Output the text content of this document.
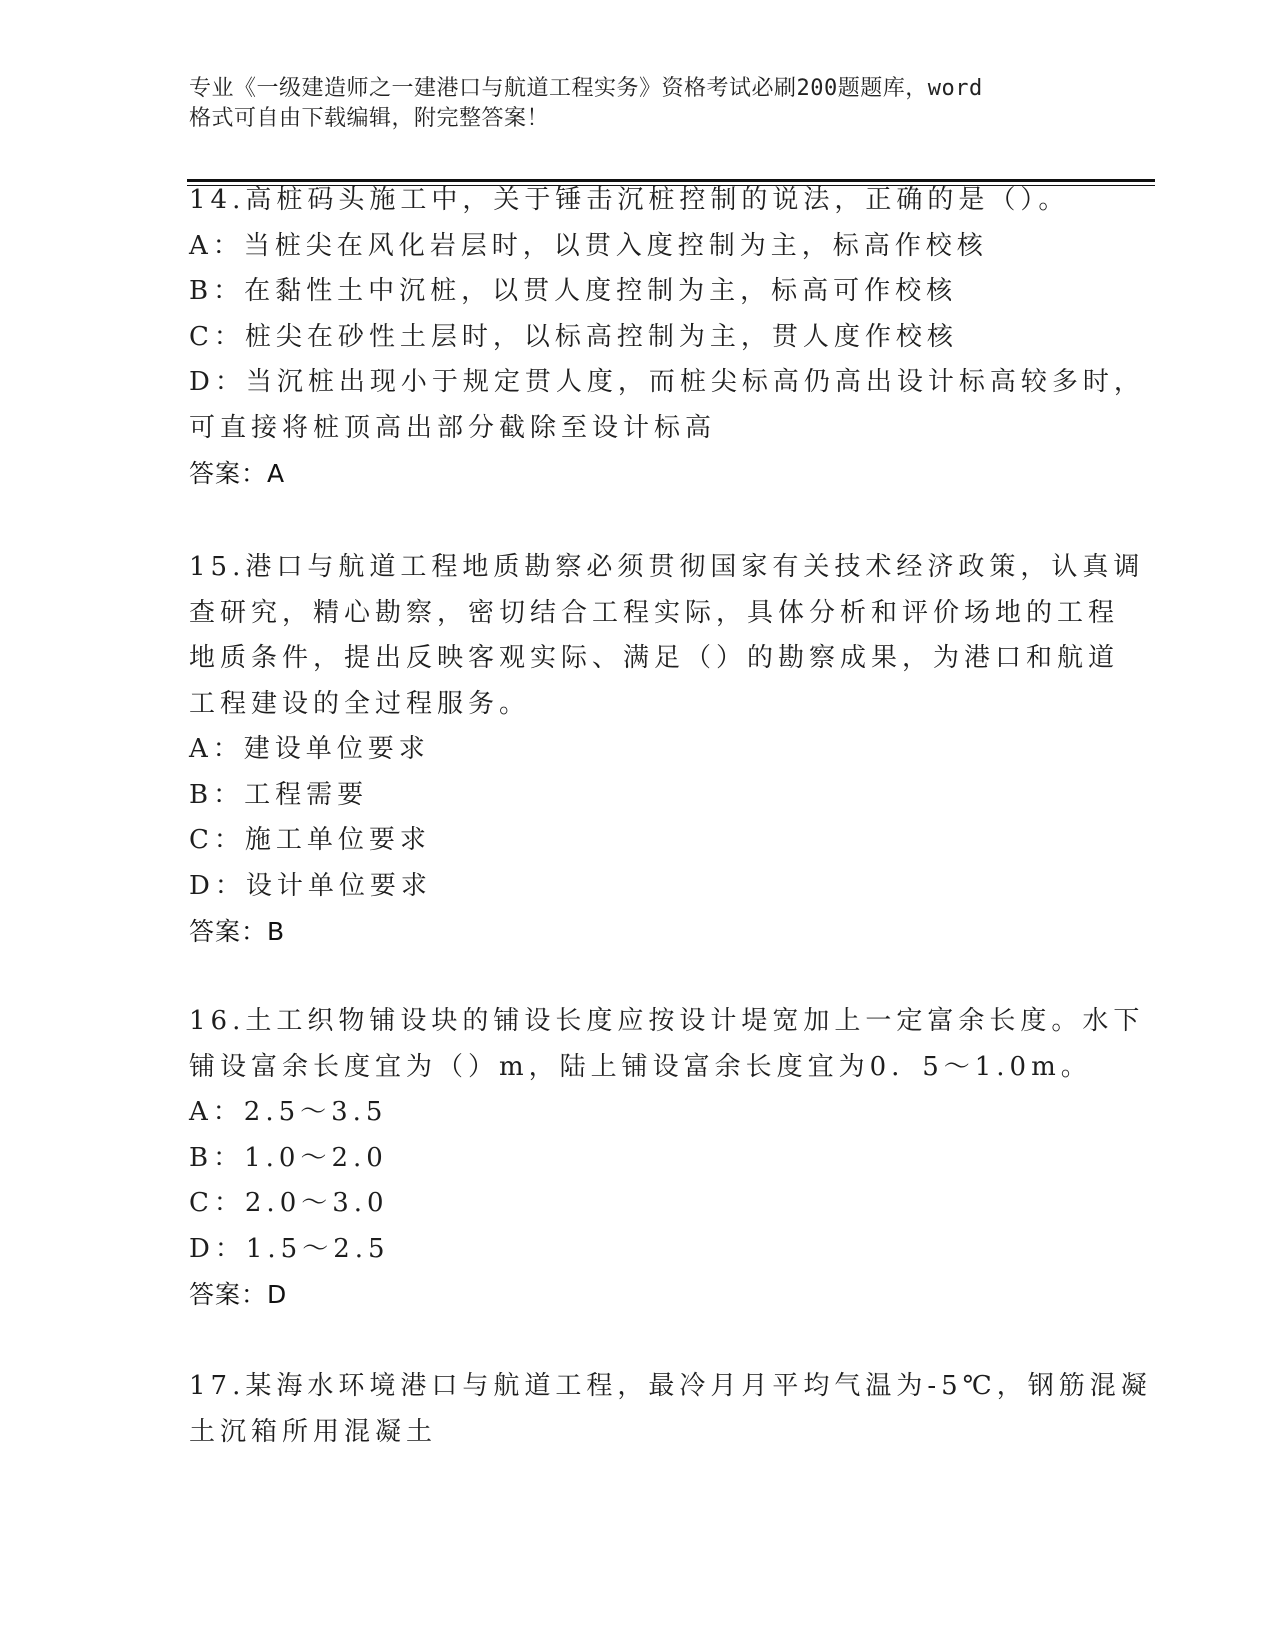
专业《一级建造师之一建港口与航道工程实务》资格考试必刷200题题库，word
格式可自由下载编辑，附完整答案！
14.高桩码头施工中，关于锤击沉桩控制的说法，正确的是（）。
A：当桩尖在风化岩层时，以贯入度控制为主，标高作校核
B：在黏性土中沉桩，以贯人度控制为主，标高可作校核
C：桩尖在砂性土层时，以标高控制为主，贯人度作校核
D：当沉桩出现小于规定贯人度，而桩尖标高仍高出设计标高较多时，
可直接将桩顶高出部分截除至设计标高
答案：A
15.港口与航道工程地质勘察必须贯彻国家有关技术经济政策，认真调
查研究，精心勘察，密切结合工程实际，具体分析和评价场地的工程
地质条件，提出反映客观实际、满足（）的勘察成果，为港口和航道
工程建设的全过程服务。
A：建设单位要求
B：工程需要
C：施工单位要求
D：设计单位要求
答案：B
16.土工织物铺设块的铺设长度应按设计堤宽加上一定富余长度。水下
铺设富余长度宜为（）m，陆上铺设富余长度宜为0．5～1.0m。
A：2.5～3.5
B：1.0～2.0
C：2.0～3.0
D：1.5～2.5
答案：D
17.某海水环境港口与航道工程，最冷月月平均气温为-5℃，钢筋混凝
土沉箱所用混凝土
